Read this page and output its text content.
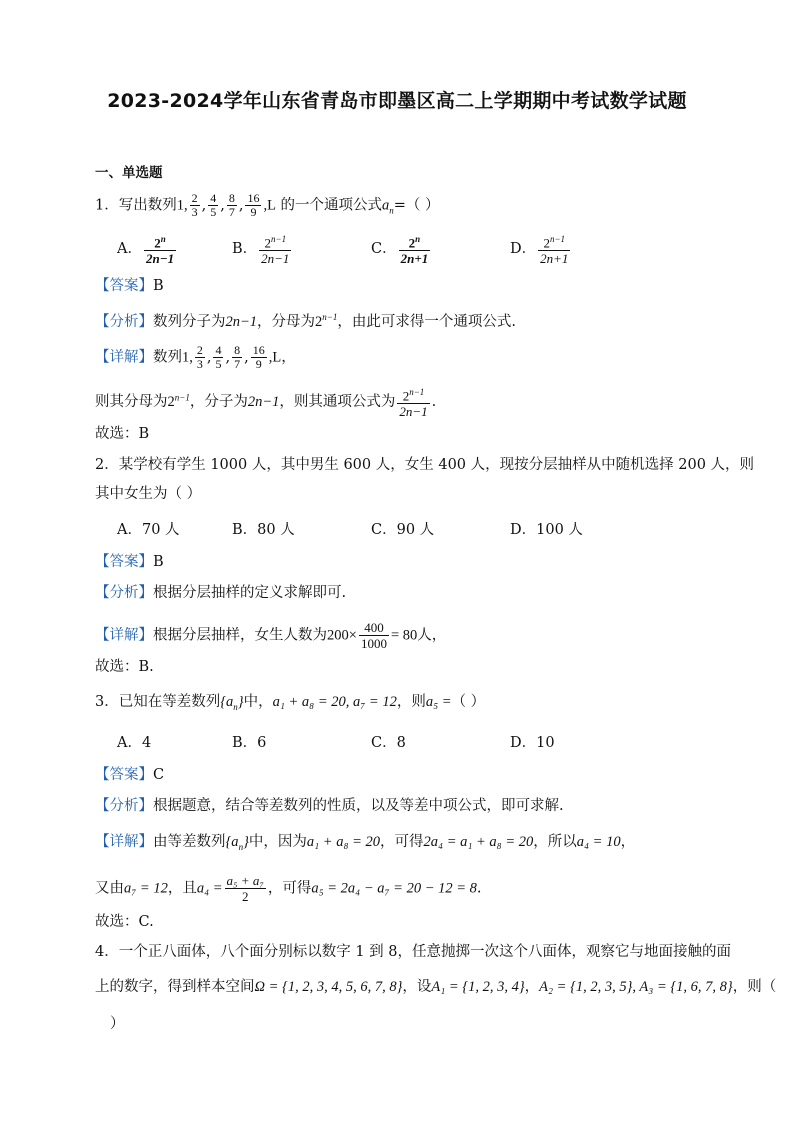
2023-2024学年山东省青岛市即墨区高二上学期期中考试数学试题
一、单选题
1．写出数列1, $\frac{2}{3}$ , $\frac{4}{5}$ , $\frac{8}{7}$ , $\frac{16}{9} ,L$ 的一个通项公式$a_n=$（ ）
A． $\frac{2^n}{2n-1}$	B． $\frac{2^{n-1}}{2n-1}$	C． $\frac{2^n}{2n+1}$	D． $\frac{2^{n-1}}{2n+1}$
【答案】B
【分析】数列分子为2n−1，分母为$2^{n-1}$，由此可求得一个通项公式.
【详解】数列1, $\frac{2}{3}$ , $\frac{4}{5}$ , $\frac{8}{7}$ , $\frac{16}{9} ,L$，
则其分母为$2^{n-1}$，分子为2n−1，则其通项公式为 $\frac{2^{n-1}}{2n-1}$ .
故选：B
2．某学校有学生 1000 人，其中男生 600 人，女生 400 人，现按分层抽样从中随机选择 200 人，则
其中女生为（ ）
A．70 人	B．80 人	C．90 人	D．100 人
【答案】B
【分析】根据分层抽样的定义求解即可.
【详解】根据分层抽样，女生人数为$200\times \frac{400}{1000} = 80$人，
故选：B.
3．已知在等差数列$\{a_n\}$中，a₁ + a₈ = 20, a₇ = 12，则a₅ =（ ）
A．4	B．6	C．8	D．10
【答案】C
【分析】根据题意，结合等差数列的性质，以及等差中项公式，即可求解.
【详解】由等差数列$\{a_n\}$中，因为a₁ + a₈ = 20，可得2a₄ = a₁ + a₈ = 20，所以a₄ = 10，
又由a₇ = 12，且$a_4 = \frac{\text{a₅ + a₇}}{2}$ ，可得a₅ = 2a₄ − a₇ = 20 − 12 = 8.
故选：C.
4．一个正八面体，八个面分别标以数字 1 到 8，任意抛掷一次这个八面体，观察它与地面接触的面
上的数字，得到样本空间Ω = {1, 2, 3, 4, 5, 6, 7, 8}，设A₁ = {1, 2, 3, 4}，A₂ = {1, 2, 3, 5}, A₃ = {1, 6, 7, 8}，则（
）
